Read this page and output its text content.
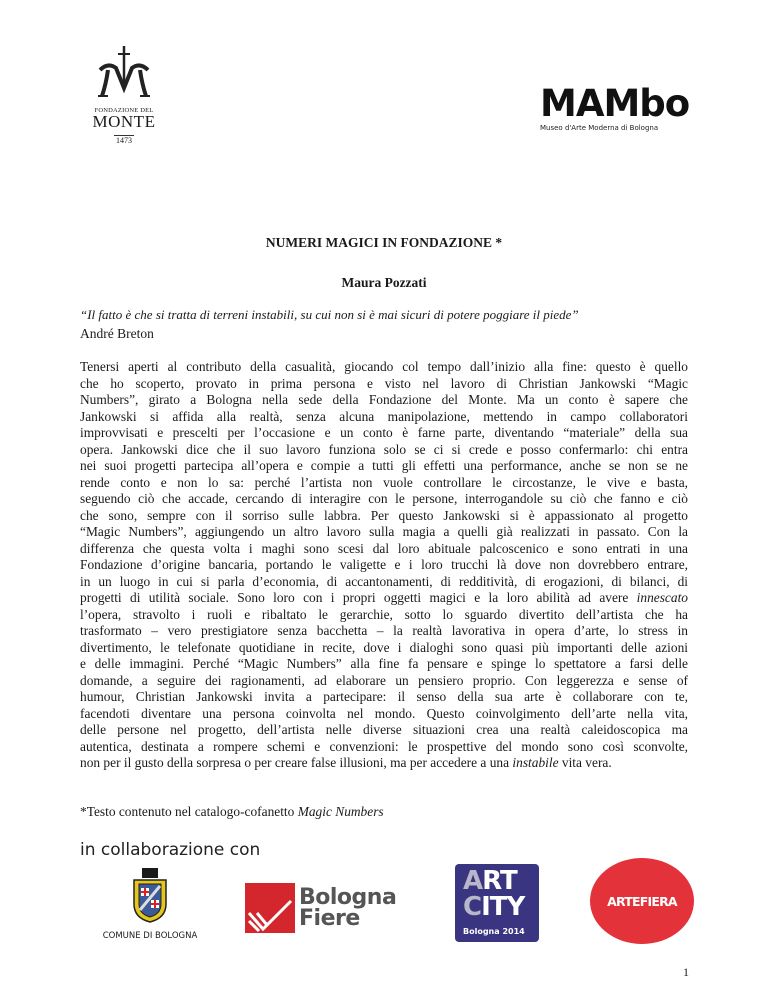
FONDAZIONE DEL
MONTE
1473
MAMbo
Museo d'Arte Moderna di Bologna
NUMERI MAGICI IN FONDAZIONE *
Maura Pozzati
“Il fatto è che si tratta di terreni instabili, su cui non si è mai sicuri di potere poggiare il piede”
André Breton
Tenersi aperti al contributo della casualità, giocando col tempo dall’inizio alla fine: questo è quello
che ho scoperto, provato in prima persona e visto nel lavoro di Christian Jankowski “Magic
Numbers”, girato a Bologna nella sede della Fondazione del Monte. Ma un conto è sapere che
Jankowski si affida alla realtà, senza alcuna manipolazione, mettendo in campo collaboratori
improvvisati e prescelti per l’occasione e un conto è farne parte, diventando “materiale” della sua
opera. Jankowski dice che il suo lavoro funziona solo se ci si crede e posso confermarlo: chi entra
nei suoi progetti partecipa all’opera e compie a tutti gli effetti una performance, anche se non se ne
rende conto e non lo sa: perché l’artista non vuole controllare le circostanze, le vive e basta,
seguendo ciò che accade, cercando di interagire con le persone, interrogandole su ciò che fanno e ciò
che sono, sempre con il sorriso sulle labbra. Per questo Jankowski si è appassionato al progetto
“Magic Numbers”, aggiungendo un altro lavoro sulla magia a quelli già realizzati in passato. Con la
differenza che questa volta i maghi sono scesi dal loro abituale palcoscenico e sono entrati in una
Fondazione d’origine bancaria, portando le valigette e i loro trucchi là dove non dovrebbero entrare,
in un luogo in cui si parla d’economia, di accantonamenti, di redditività, di erogazioni, di bilanci, di
progetti di utilità sociale. Sono loro con i propri oggetti magici e la loro abilità ad avere innescato
l’opera, stravolto i ruoli e ribaltato le gerarchie, sotto lo sguardo divertito dell’artista che ha
trasformato – vero prestigiatore senza bacchetta – la realtà lavorativa in opera d’arte, lo stress in
divertimento, le telefonate quotidiane in recite, dove i dialoghi sono quasi più importanti delle azioni
e delle immagini. Perché “Magic Numbers” alla fine fa pensare e spinge lo spettatore a farsi delle
domande, a seguire dei ragionamenti, ad elaborare un pensiero proprio. Con leggerezza e sense of
humour, Christian Jankowski invita a partecipare: il senso della sua arte è collaborare con te,
facendoti diventare una persona coinvolta nel mondo. Questo coinvolgimento dell’arte nella vita,
delle persone nel progetto, dell’artista nelle diverse situazioni crea una realtà caleidoscopica ma
autentica, destinata a rompere schemi e convenzioni: le prospettive del mondo sono così sconvolte,
non per il gusto della sorpresa o per creare false illusioni, ma per accedere a una instabile vita vera.
*Testo contenuto nel catalogo-cofanetto Magic Numbers
in collaborazione con
COMUNE DI BOLOGNA
Bologna
Fiere
ART
CITY
Bologna 2014
ARTEFIERA
1
